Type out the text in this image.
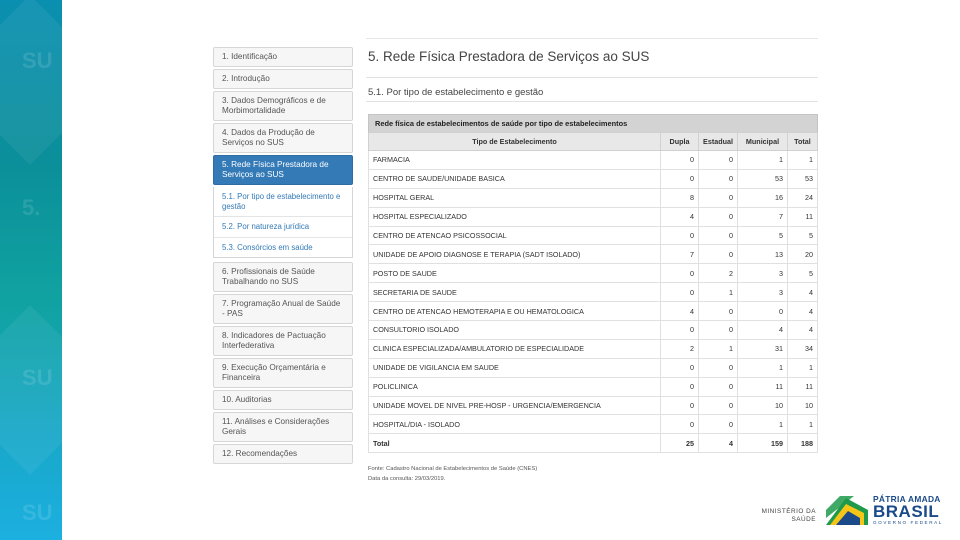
SU
5.
SU
SU
1. Identificação
2. Introdução
3. Dados Demográficos e de Morbimortalidade
4. Dados da Produção de Serviços no SUS
5. Rede Física Prestadora de Serviços ao SUS
5.1. Por tipo de estabelecimento e gestão
5.2. Por natureza jurídica
5.3. Consórcios em saúde
6. Profissionais de Saúde Trabalhando no SUS
7. Programação Anual de Saúde - PAS
8. Indicadores de Pactuação Interfederativa
9. Execução Orçamentária e Financeira
10. Auditorias
11. Análises e Considerações Gerais
12. Recomendações
5. Rede Física Prestadora de Serviços ao SUS
5.1. Por tipo de estabelecimento e gestão
Rede física de estabelecimentos de saúde por tipo de estabelecimentos
Tipo de Estabelecimento	Dupla	Estadual	Municipal	Total
FARMACIA	0	0	1	1
CENTRO DE SAUDE/UNIDADE BASICA	0	0	53	53
HOSPITAL GERAL	8	0	16	24
HOSPITAL ESPECIALIZADO	4	0	7	11
CENTRO DE ATENCAO PSICOSSOCIAL	0	0	5	5
UNIDADE DE APOIO DIAGNOSE E TERAPIA (SADT ISOLADO)	7	0	13	20
POSTO DE SAUDE	0	2	3	5
SECRETARIA DE SAUDE	0	1	3	4
CENTRO DE ATENCAO HEMOTERAPIA E OU HEMATOLOGICA	4	0	0	4
CONSULTORIO ISOLADO	0	0	4	4
CLINICA ESPECIALIZADA/AMBULATORIO DE ESPECIALIDADE	2	1	31	34
UNIDADE DE VIGILANCIA EM SAUDE	0	0	1	1
POLICLINICA	0	0	11	11
UNIDADE MOVEL DE NIVEL PRE-HOSP - URGENCIA/EMERGENCIA	0	0	10	10
HOSPITAL/DIA - ISOLADO	0	0	1	1
Total	25	4	159	188
Fonte: Cadastro Nacional de Estabelecimentos de Saúde (CNES)
Data da consulta: 29/03/2019.
MINISTÉRIO DA
SAÚDE
PÁTRIA AMADA
BRASIL
GOVERNO FEDERAL
